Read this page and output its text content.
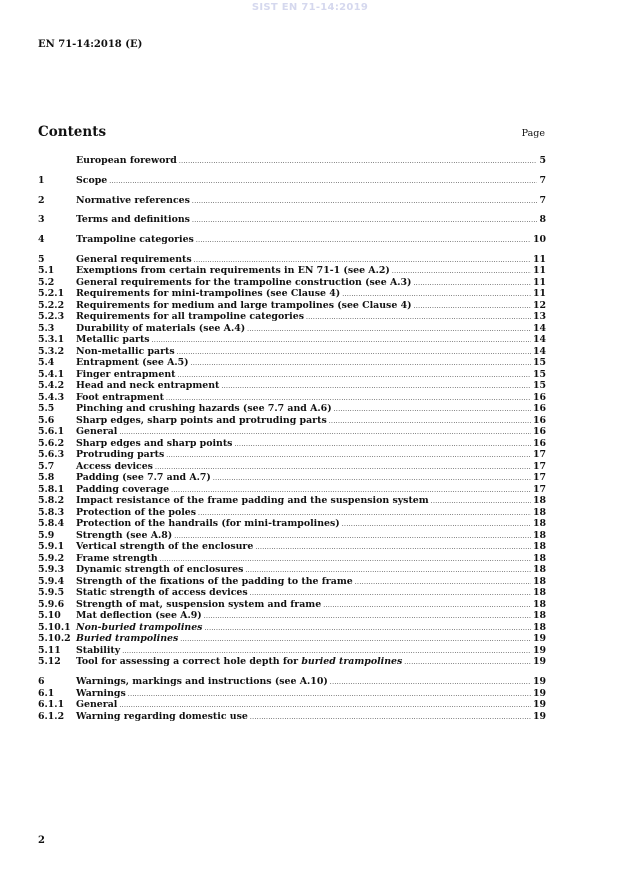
SIST EN 71-14:2019
EN 71-14:2018 (E)
Contents	Page
European foreword .....	5
1	Scope .....	7
2	Normative references .....	7
3	Terms and definitions .....	8
4	Trampoline categories .....	10
5	General requirements .....	11
5.1	Exemptions from certain requirements in EN 71-1 (see A.2) .....	11
5.2	General requirements for the trampoline construction (see A.3) .....	11
5.2.1	Requirements for mini-trampolines (see Clause 4) .....	11
5.2.2	Requirements for medium and large trampolines (see Clause 4) .....	12
5.2.3	Requirements for all trampoline categories .....	13
5.3	Durability of materials (see A.4) .....	14
5.3.1	Metallic parts .....	14
5.3.2	Non-metallic parts .....	14
5.4	Entrapment (see A.5) .....	15
5.4.1	Finger entrapment .....	15
5.4.2	Head and neck entrapment .....	15
5.4.3	Foot entrapment .....	16
5.5	Pinching and crushing hazards (see 7.7 and A.6) .....	16
5.6	Sharp edges, sharp points and protruding parts .....	16
5.6.1	General .....	16
5.6.2	Sharp edges and sharp points .....	16
5.6.3	Protruding parts .....	17
5.7	Access devices .....	17
5.8	Padding (see 7.7 and A.7) .....	17
5.8.1	Padding coverage .....	17
5.8.2	Impact resistance of the frame padding and the suspension system .....	18
5.8.3	Protection of the poles .....	18
5.8.4	Protection of the handrails (for mini-trampolines) .....	18
5.9	Strength (see A.8) .....	18
5.9.1	Vertical strength of the enclosure .....	18
5.9.2	Frame strength .....	18
5.9.3	Dynamic strength of enclosures .....	18
5.9.4	Strength of the fixations of the padding to the frame .....	18
5.9.5	Static strength of access devices .....	18
5.9.6	Strength of mat, suspension system and frame .....	18
5.10	Mat deflection (see A.9) .....	18
5.10.1 Non-buried trampolines .....	18
5.10.2 Buried trampolines .....	19
5.11	Stability .....	19
5.12	Tool for assessing a correct hole depth for buried trampolines .....	19
6	Warnings, markings and instructions (see A.10) .....	19
6.1	Warnings .....	19
6.1.1	General .....	19
6.1.2	Warning regarding domestic use .....	19
2
